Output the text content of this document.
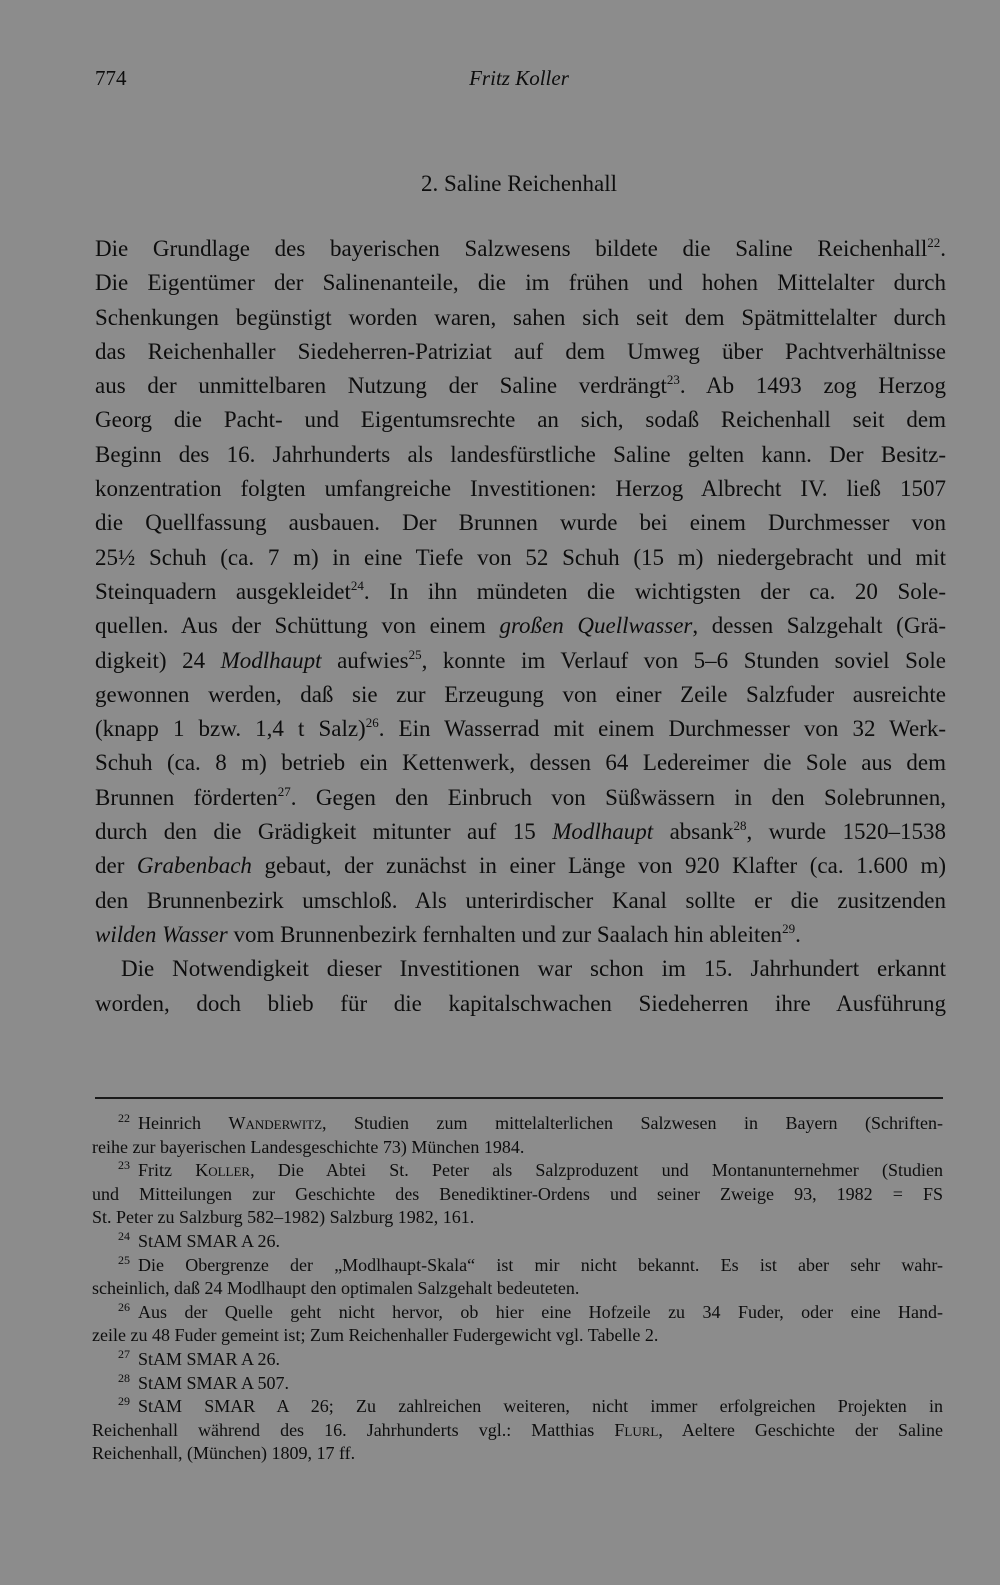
774	Fritz Koller
2. Saline Reichenhall
Die Grundlage des bayerischen Salzwesens bildete die Saline Reichenhall$^{22}$.
Die Eigentümer der Salinenanteile, die im frühen und hohen Mittelalter durch
Schenkungen begünstigt worden waren, sahen sich seit dem Spätmittelalter durch
das Reichenhaller Siedeherren-Patriziat auf dem Umweg über Pachtverhältnisse
aus der unmittelbaren Nutzung der Saline verdrängt$^{23}$. Ab 1493 zog Herzog
Georg die Pacht- und Eigentumsrechte an sich, sodaß Reichenhall seit dem
Beginn des 16. Jahrhunderts als landesfürstliche Saline gelten kann. Der Besitz-
konzentration folgten umfangreiche Investitionen: Herzog Albrecht IV. ließ 1507
die Quellfassung ausbauen. Der Brunnen wurde bei einem Durchmesser von
25½ Schuh (ca. 7 m) in eine Tiefe von 52 Schuh (15 m) niedergebracht und mit
Steinquadern ausgekleidet$^{24}$. In ihn mündeten die wichtigsten der ca. 20 Sole-
quellen. Aus der Schüttung von einem großen Quellwasser, dessen Salzgehalt (Grä-
digkeit) 24 Modlhaupt aufwies$^{25}$, konnte im Verlauf von 5–6 Stunden soviel Sole
gewonnen werden, daß sie zur Erzeugung von einer Zeile Salzfuder ausreichte
(knapp 1 bzw. 1,4 t Salz)$^{26}$. Ein Wasserrad mit einem Durchmesser von 32 Werk-
Schuh (ca. 8 m) betrieb ein Kettenwerk, dessen 64 Ledereimer die Sole aus dem
Brunnen förderten$^{27}$. Gegen den Einbruch von Süßwässern in den Solebrunnen,
durch den die Grädigkeit mitunter auf 15 Modlhaupt absank$^{28}$, wurde 1520–1538
der Grabenbach gebaut, der zunächst in einer Länge von 920 Klafter (ca. 1.600 m)
den Brunnenbezirk umschloß. Als unterirdischer Kanal sollte er die zusitzenden
wilden Wasser vom Brunnenbezirk fernhalten und zur Saalach hin ableiten$^{29}$.
Die Notwendigkeit dieser Investitionen war schon im 15. Jahrhundert erkannt
worden, doch blieb für die kapitalschwachen Siedeherren ihre Ausführung
$^{22}$ Heinrich Wanderwitz, Studien zum mittelalterlichen Salzwesen in Bayern (Schriften-
reihe zur bayerischen Landesgeschichte 73) München 1984.
$^{23}$ Fritz Koller, Die Abtei St. Peter als Salzproduzent und Montanunternehmer (Studien
und Mitteilungen zur Geschichte des Benediktiner-Ordens und seiner Zweige 93, 1982 = FS
St. Peter zu Salzburg 582–1982) Salzburg 1982, 161.
$^{24}$ StAM SMAR A 26.
$^{25}$ Die Obergrenze der „Modlhaupt-Skala“ ist mir nicht bekannt. Es ist aber sehr wahr-
scheinlich, daß 24 Modlhaupt den optimalen Salzgehalt bedeuteten.
$^{26}$ Aus der Quelle geht nicht hervor, ob hier eine Hofzeile zu 34 Fuder, oder eine Hand-
zeile zu 48 Fuder gemeint ist; Zum Reichenhaller Fudergewicht vgl. Tabelle 2.
$^{27}$ StAM SMAR A 26.
$^{28}$ StAM SMAR A 507.
$^{29}$ StAM SMAR A 26; Zu zahlreichen weiteren, nicht immer erfolgreichen Projekten in
Reichenhall während des 16. Jahrhunderts vgl.: Matthias Flurl, Aeltere Geschichte der Saline
Reichenhall, (München) 1809, 17 ff.
